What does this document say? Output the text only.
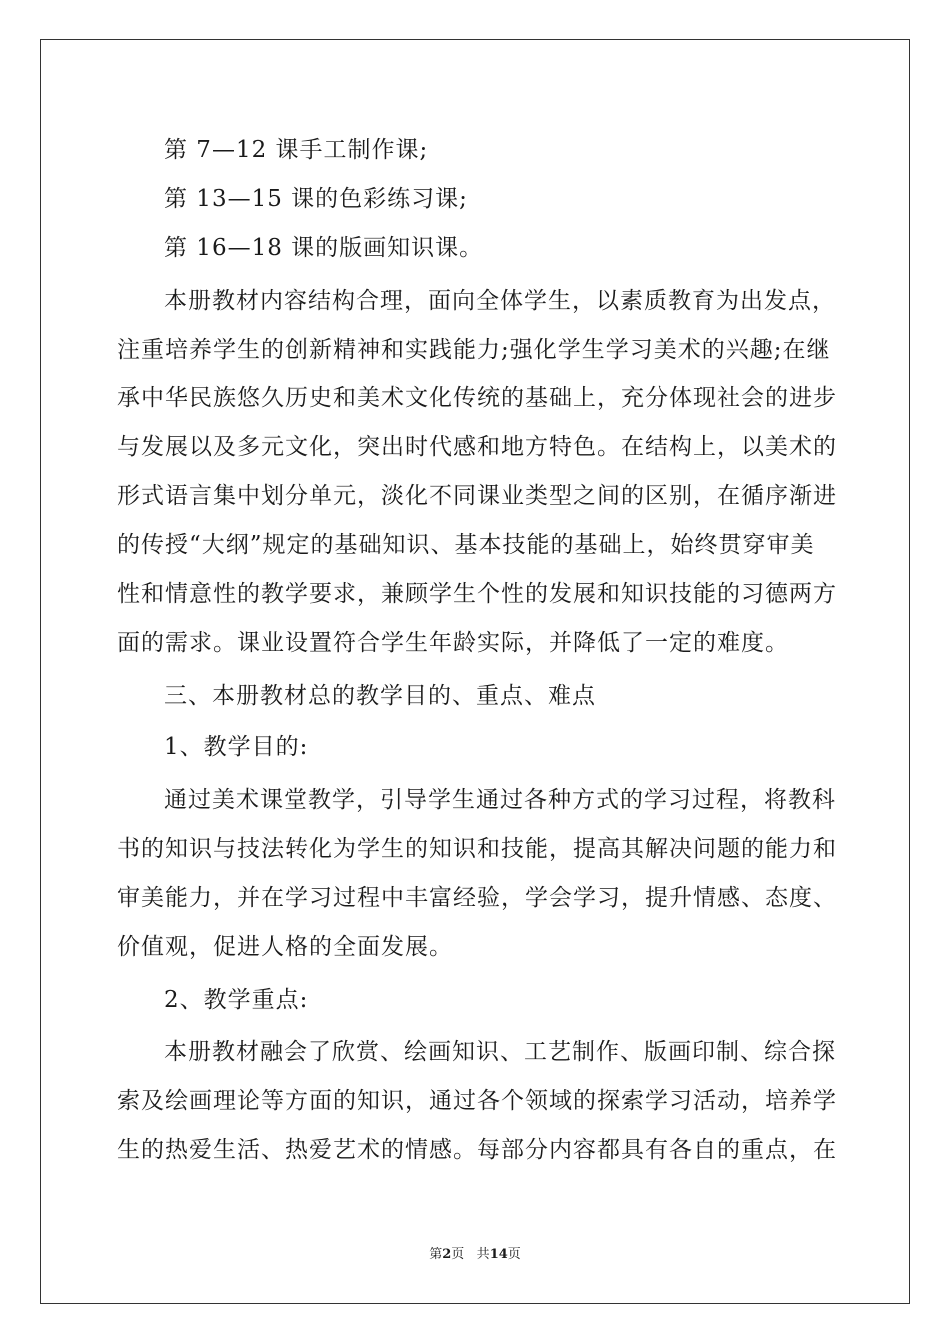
第 7—12 课手工制作课;
第 13—15 课的色彩练习课;
第 16—18 课的版画知识课。
本册教材内容结构合理，面向全体学生，以素质教育为出发点，
注重培养学生的创新精神和实践能力;强化学生学习美术的兴趣;在继
承中华民族悠久历史和美术文化传统的基础上，充分体现社会的进步
与发展以及多元文化，突出时代感和地方特色。在结构上，以美术的
形式语言集中划分单元，淡化不同课业类型之间的区别，在循序渐进
的传授“大纲”规定的基础知识、基本技能的基础上，始终贯穿审美
性和情意性的教学要求，兼顾学生个性的发展和知识技能的习德两方
面的需求。课业设置符合学生年龄实际，并降低了一定的难度。
三、本册教材总的教学目的、重点、难点
1、教学目的:
通过美术课堂教学，引导学生通过各种方式的学习过程，将教科
书的知识与技法转化为学生的知识和技能，提高其解决问题的能力和
审美能力，并在学习过程中丰富经验，学会学习，提升情感、态度、
价值观，促进人格的全面发展。
2、教学重点:
本册教材融会了欣赏、绘画知识、工艺制作、版画印制、综合探
索及绘画理论等方面的知识，通过各个领域的探索学习活动，培养学
生的热爱生活、热爱艺术的情感。每部分内容都具有各自的重点，在
第2页 共14页
